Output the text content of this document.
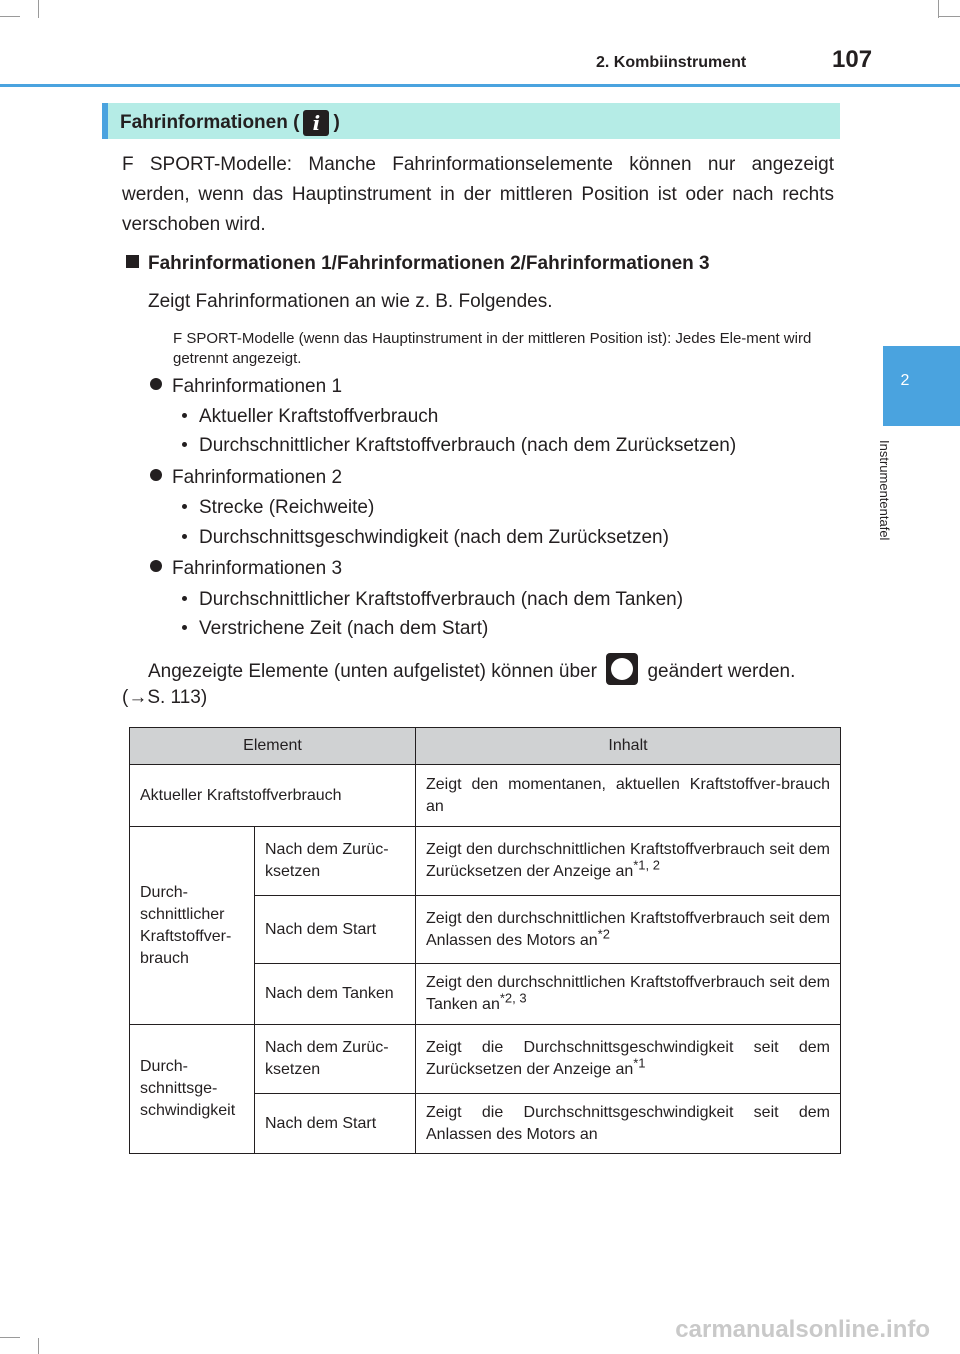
2. Kombiinstrument	107
2
Instrumententafel
Fahrinformationen ( i )
F SPORT-Modelle: Manche Fahrinformationselemente können nur angezeigt werden, wenn das Hauptinstrument in der mittleren Position ist oder nach rechts verschoben wird.
Fahrinformationen 1/Fahrinformationen 2/Fahrinformationen 3
Zeigt Fahrinformationen an wie z. B. Folgendes.
F SPORT-Modelle (wenn das Hauptinstrument in der mittleren Position ist): Jedes Ele-ment wird getrennt angezeigt.
Fahrinformationen 1
Aktueller Kraftstoffverbrauch
Durchschnittlicher Kraftstoffverbrauch (nach dem Zurücksetzen)
Fahrinformationen 2
Strecke (Reichweite)
Durchschnittsgeschwindigkeit (nach dem Zurücksetzen)
Fahrinformationen 3
Durchschnittlicher Kraftstoffverbrauch (nach dem Tanken)
Verstrichene Zeit (nach dem Start)
Angezeigte Elemente (unten aufgelistet) können über	geändert werden.
(→S. 113)
Element		Inhalt
Aktueller Kraftstoffverbrauch		Zeigt den momentanen, aktuellen Kraftstoffver-brauch an
Durch-schnittlicher Kraftstoffver-brauch	Nach dem Zurüc-ksetzen	Zeigt den durchschnittlichen Kraftstoffverbrauch seit dem Zurücksetzen der Anzeige an$^{*1, 2}$
	Nach dem Start	Zeigt den durchschnittlichen Kraftstoffverbrauch seit dem Anlassen des Motors $an^{*2}$
	Nach dem Tanken	Zeigt den durchschnittlichen Kraftstoffverbrauch seit dem Tanken an$^{*2, 3}$
Durch-schnittsge-schwindigkeit	Nach dem Zurüc-ksetzen	Zeigt die Durchschnittsgeschwindigkeit seit dem Zurücksetzen der Anzeige $an^{*1}$
	Nach dem Start	Zeigt die Durchschnittsgeschwindigkeit seit dem Anlassen des Motors an
carmanualsonline.info
